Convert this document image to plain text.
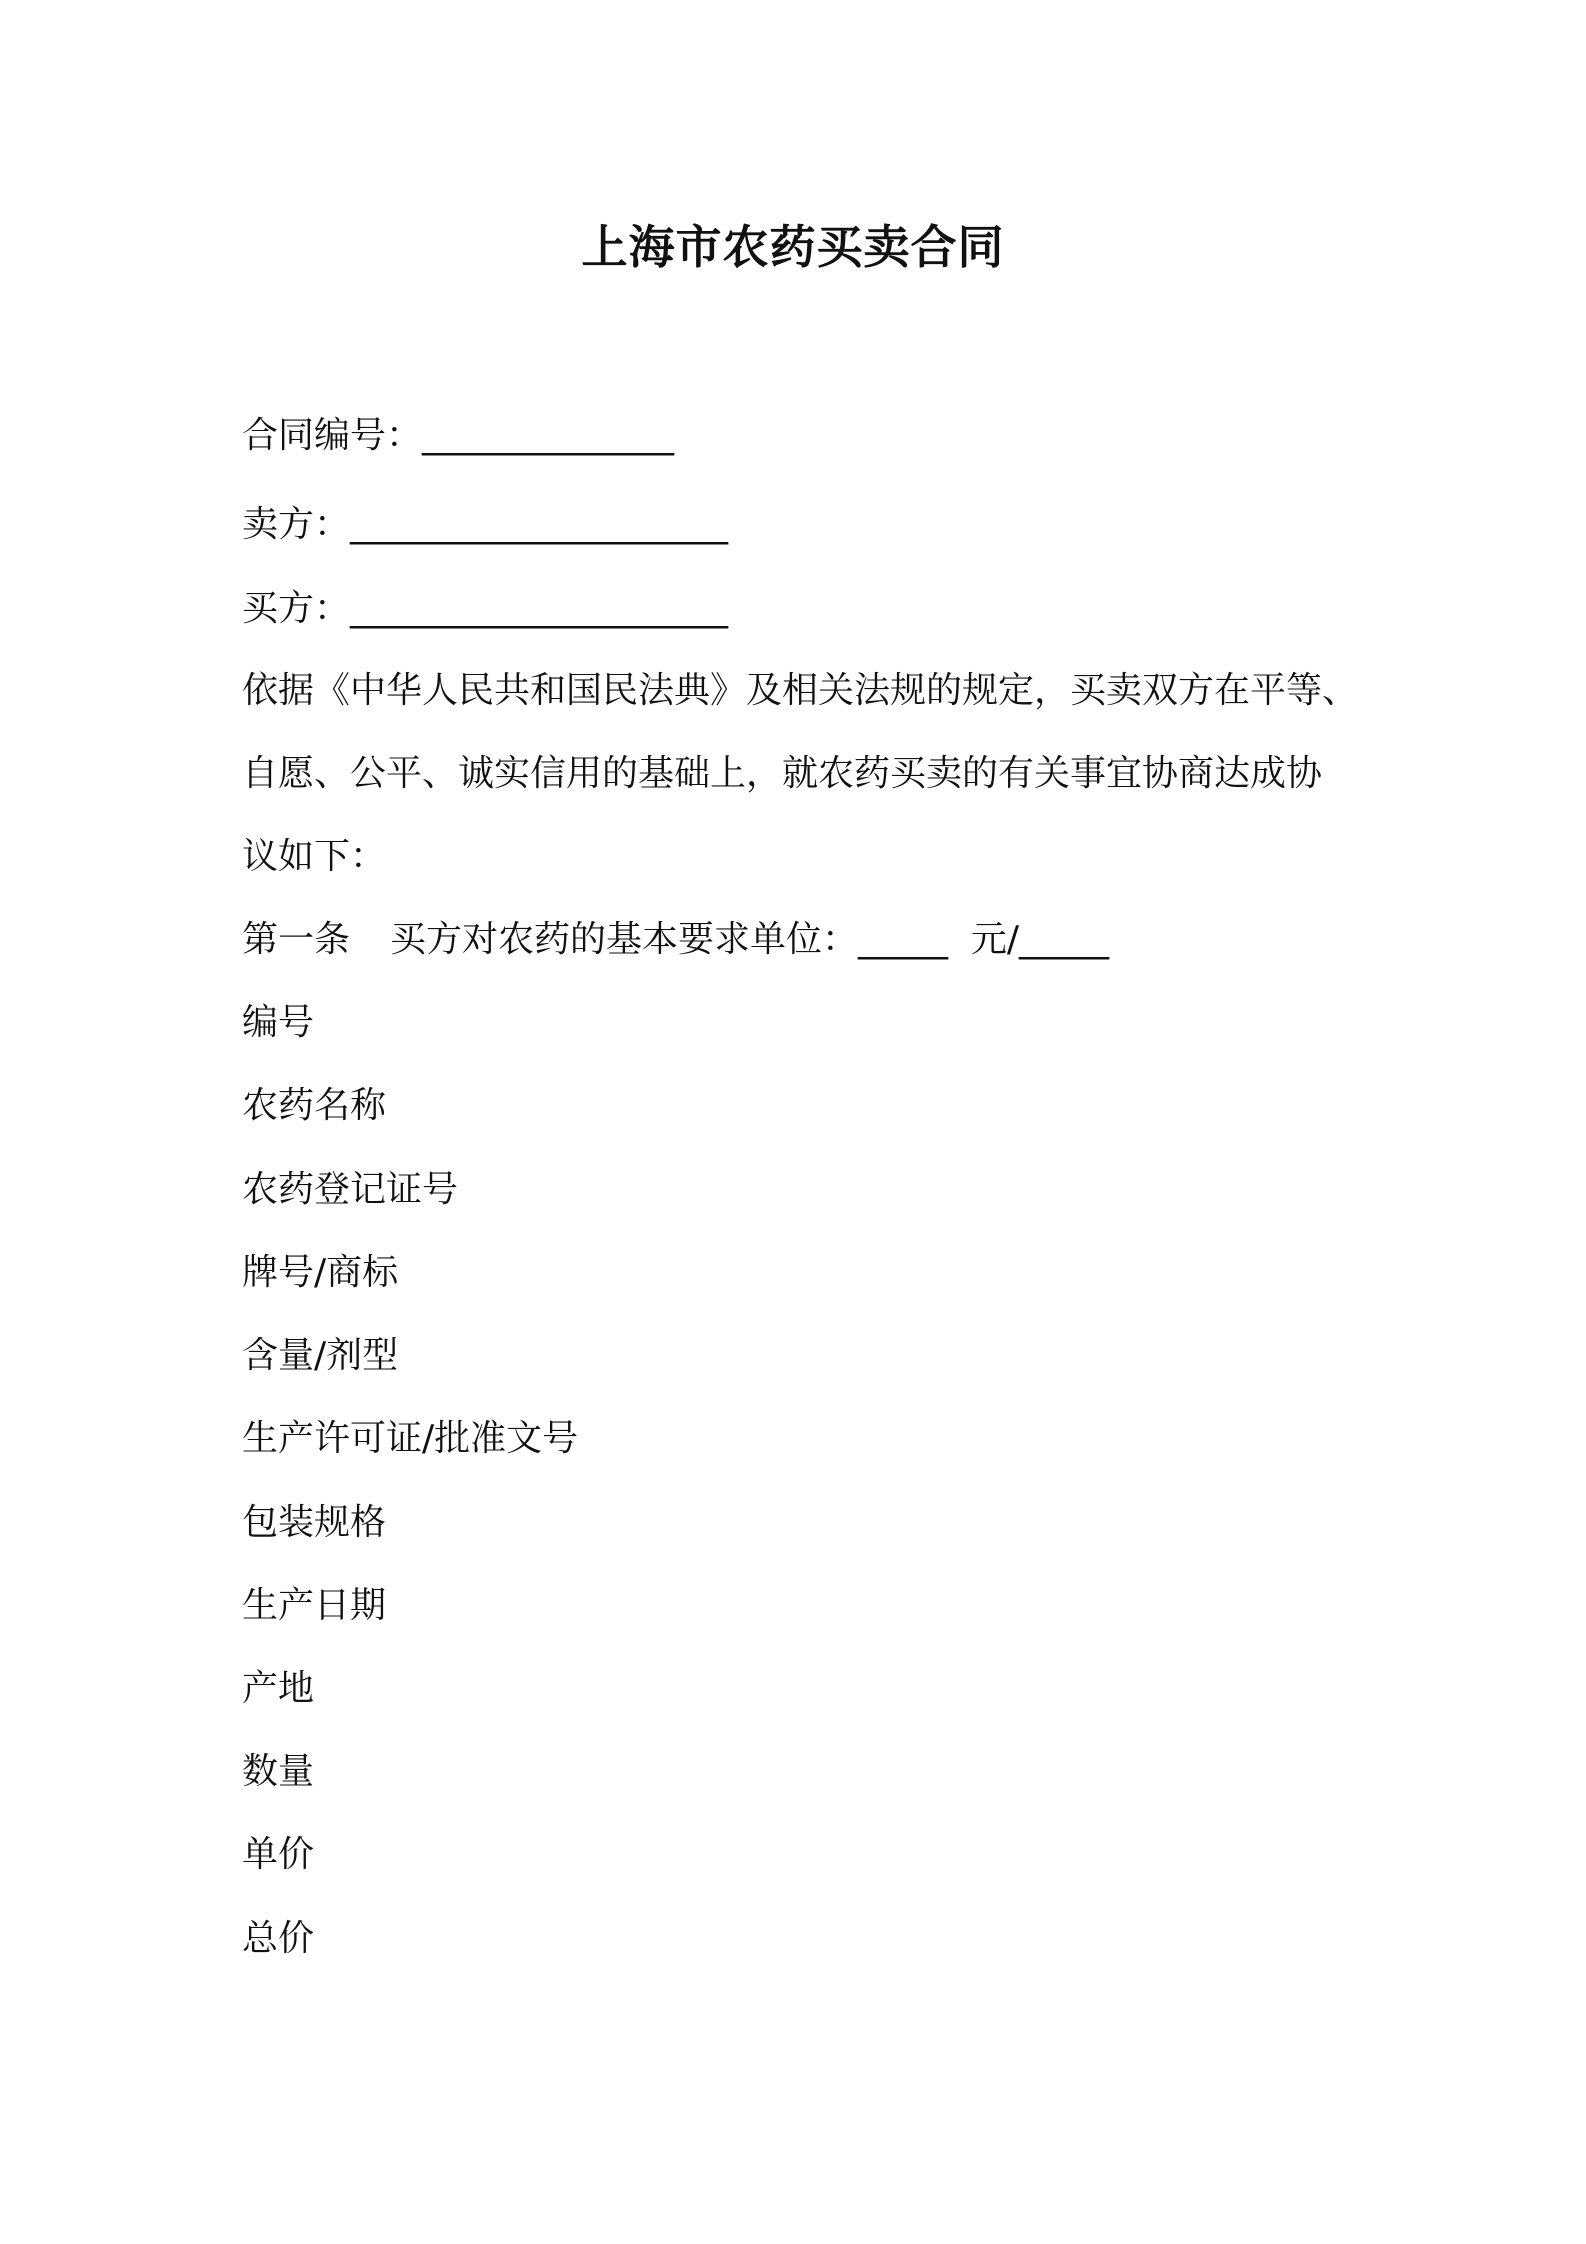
上海市农药买卖合同
合同编号：______________
卖方：_____________________
买方：_____________________
依据《中华人民共和国民法典》及相关法规的规定，买卖双方在平等、
自愿、公平、诚实信用的基础上，就农药买卖的有关事宜协商达成协
议如下：
第一条 买方对农药的基本要求单位：_____  元/_____
编号
农药名称
农药登记证号
牌号/商标
含量/剂型
生产许可证/批准文号
包装规格
生产日期
产地
数量
单价
总价
